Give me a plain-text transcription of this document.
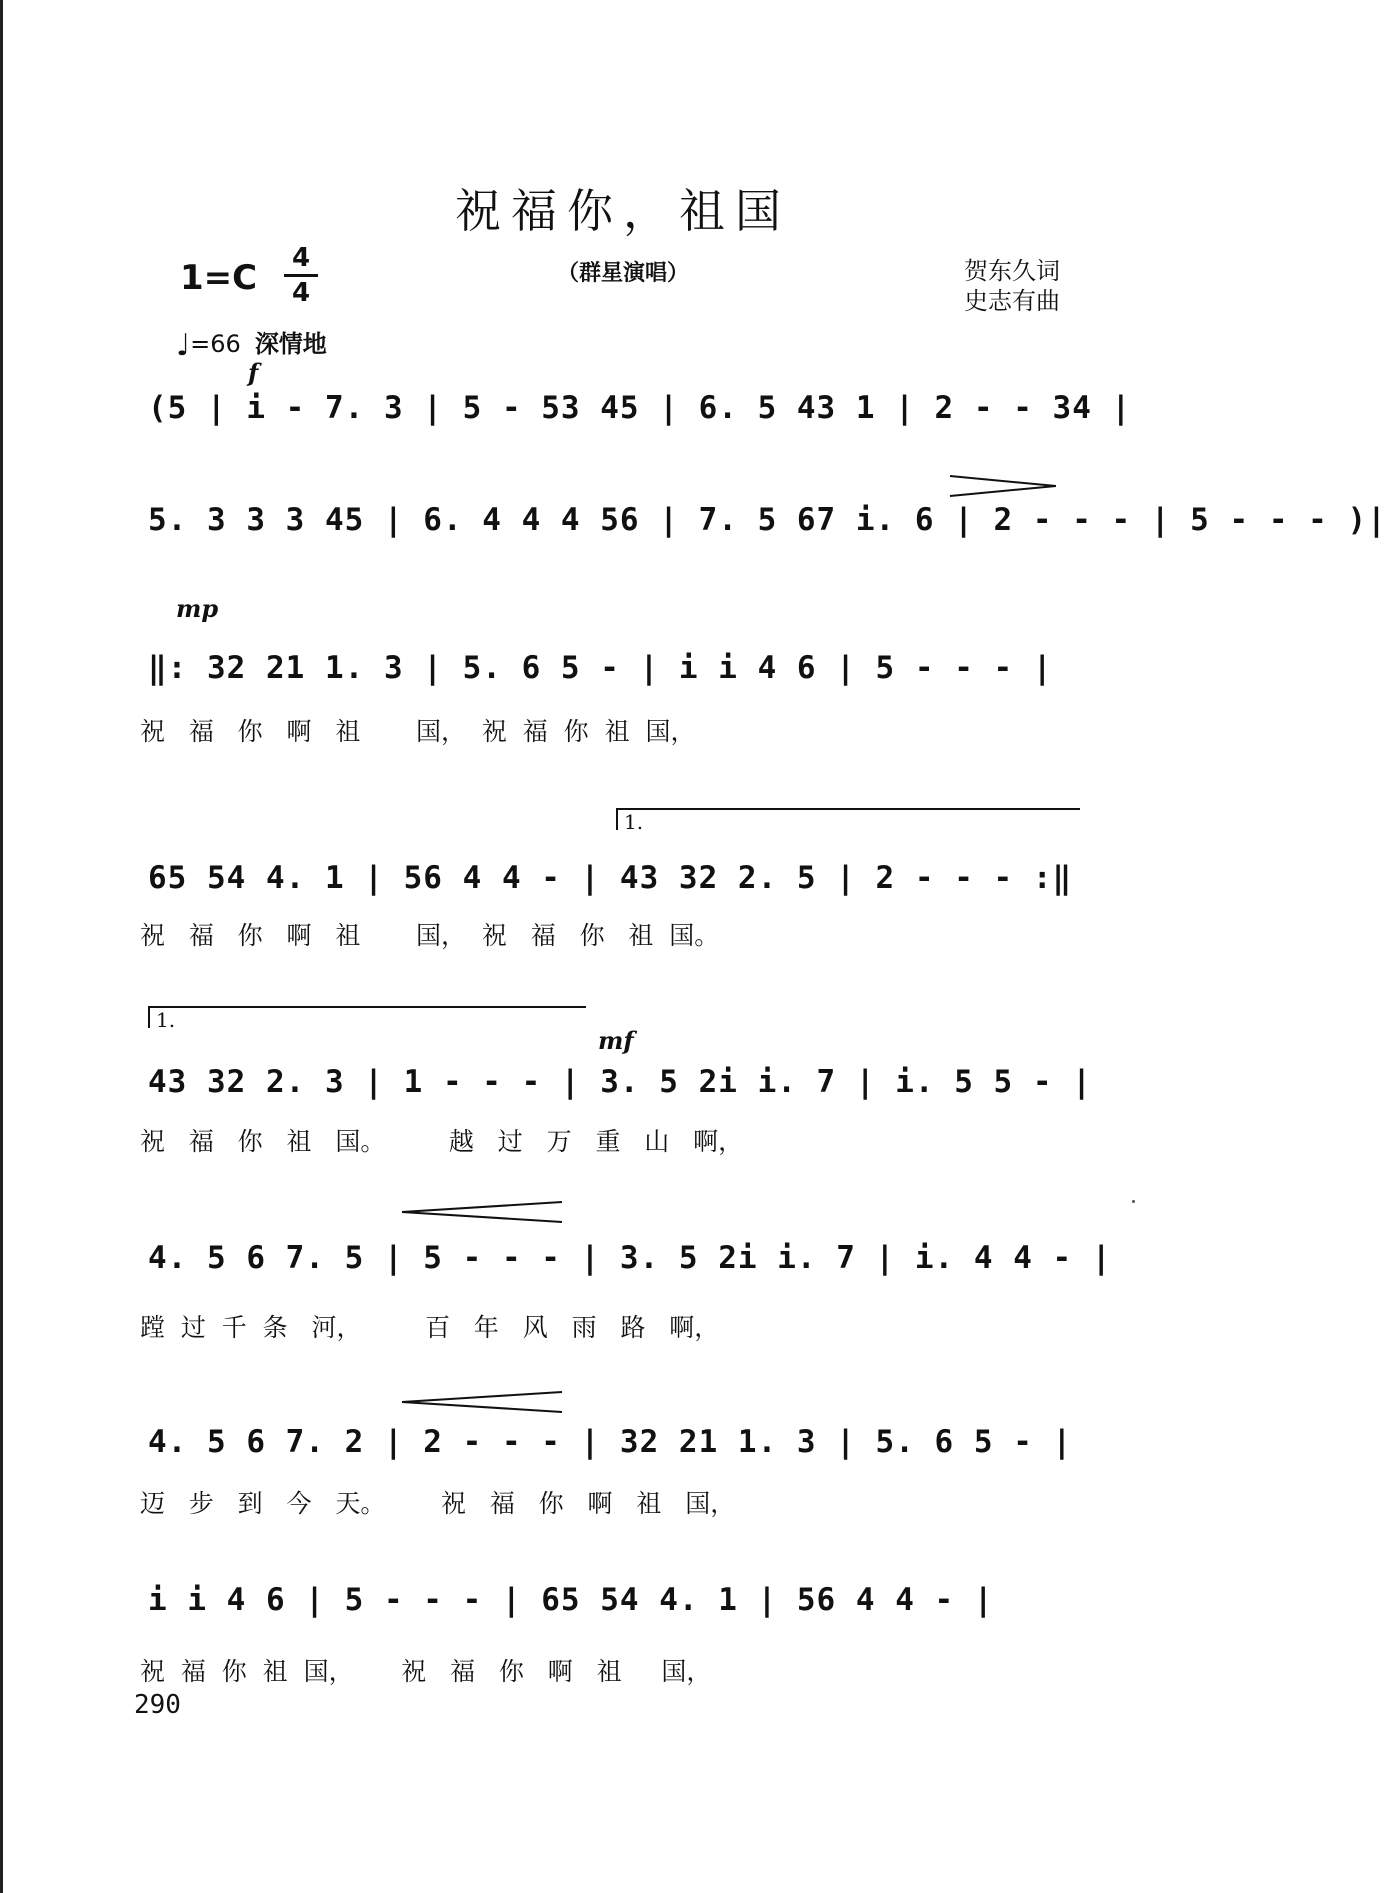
祝福你，祖国
1=C	4
4
（群星演唱）	贺东久词
史志有曲
♩=66 深情地
f
mp
mf
(5 | i - 7. 3 | 5 - 53 45 | 6. 5 43 1 | 2 - - 34 |
5. 3 3 3 45 | 6. 4 4 4 56 | 7. 5 67 i. 6 | 2 - - - | 5 - - - )|
‖: 32 21 1. 3 | 5. 6 5 - | i i 4 6 | 5 - - - |
祝   福   你   啊   祖       国，  祝  福  你  祖  国，
1.
65 54 4. 1 | 56 4 4 - | 43 32 2. 5 | 2 - - - :‖
祝   福   你   啊   祖       国，  祝   福   你   祖  国。
1.
43 32 2. 3 | 1 - - - | 3. 5 2i i. 7 | i. 5 5 - |
祝   福   你   祖   国。        越   过   万   重   山   啊，
4. 5 6 7. 5 | 5 - - - | 3. 5 2i i. 7 | i. 4 4 - |
蹚  过  千  条   河，        百   年   风   雨   路   啊，
4. 5 6 7. 2 | 2 - - - | 32 21 1. 3 | 5. 6 5 - |
迈   步   到   今   天。       祝   福   你   啊   祖   国，
i i 4 6 | 5 - - - | 65 54 4. 1 | 56 4 4 - |
祝  福  你  祖  国，      祝   福   你   啊   祖     国，
290
